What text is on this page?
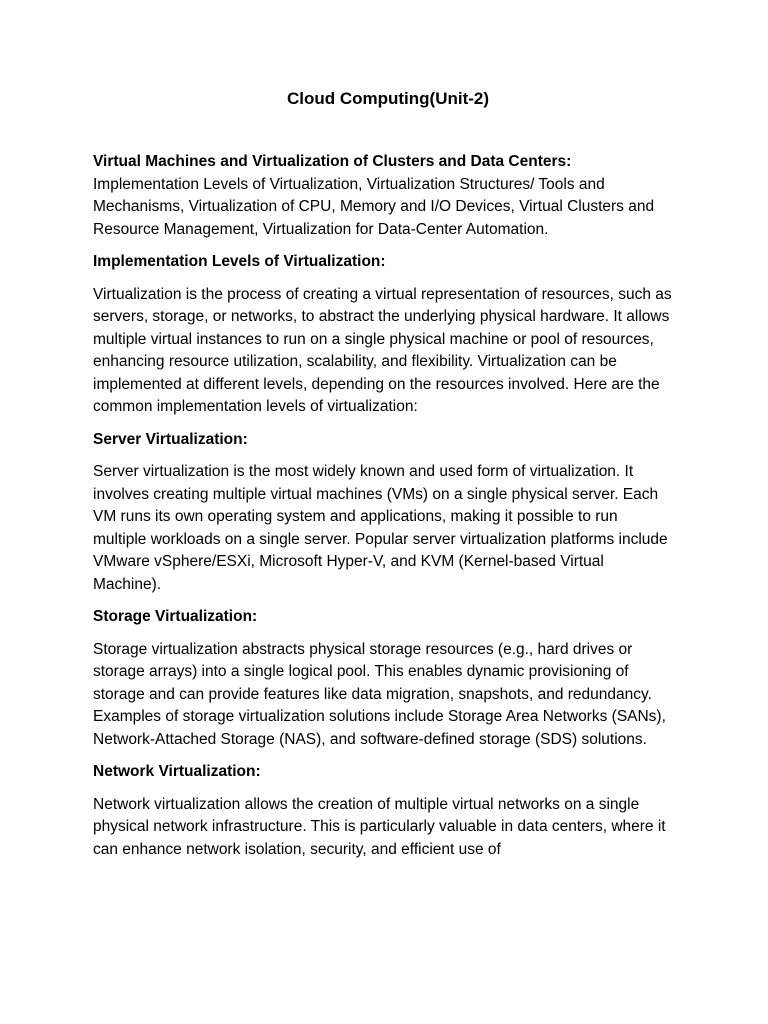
Cloud Computing(Unit-2)
Virtual Machines and Virtualization of Clusters and Data Centers:
Implementation Levels of Virtualization, Virtualization Structures/ Tools and Mechanisms, Virtualization of CPU, Memory and I/O Devices, Virtual Clusters and Resource Management, Virtualization for Data-Center Automation.
Implementation Levels of Virtualization:
Virtualization is the process of creating a virtual representation of resources, such as servers, storage, or networks, to abstract the underlying physical hardware. It allows multiple virtual instances to run on a single physical machine or pool of resources, enhancing resource utilization, scalability, and flexibility. Virtualization can be implemented at different levels, depending on the resources involved. Here are the common implementation levels of virtualization:
Server Virtualization:
Server virtualization is the most widely known and used form of virtualization. It involves creating multiple virtual machines (VMs) on a single physical server. Each VM runs its own operating system and applications, making it possible to run multiple workloads on a single server. Popular server virtualization platforms include VMware vSphere/ESXi, Microsoft Hyper-V, and KVM (Kernel-based Virtual Machine).
Storage Virtualization:
Storage virtualization abstracts physical storage resources (e.g., hard drives or storage arrays) into a single logical pool. This enables dynamic provisioning of storage and can provide features like data migration, snapshots, and redundancy. Examples of storage virtualization solutions include Storage Area Networks (SANs), Network-Attached Storage (NAS), and software-defined storage (SDS) solutions.
Network Virtualization:
Network virtualization allows the creation of multiple virtual networks on a single physical network infrastructure. This is particularly valuable in data centers, where it can enhance network isolation, security, and efficient use of
